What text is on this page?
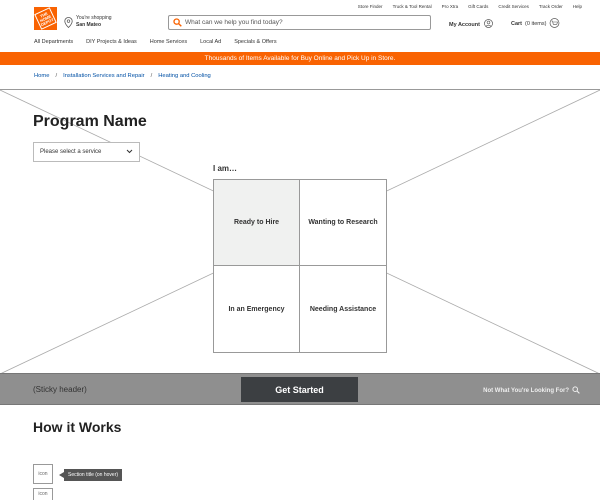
Store Finder Truck & Tool Rental Pro Xtra Gift Cards Credit Services Track Order Help
THE HOME DEPOT	You're shopping
San Mateo
What can we help you find today?	My Account	Cart (0 items)
All Departments DIY Projects & Ideas Home Services Local Ad Specials & Offers
Thousands of Items Available for Buy Online and Pick Up in Store.
Home / Installation Services and Repair / Heating and Cooling
Program Name
Please select a service
I am…
Ready to Hire	Wanting to Research
In an Emergency	Needing Assistance
(Sticky header)	Get Started	Not What You're Looking For?
How it Works
icon	Section title (on hover)
icon
